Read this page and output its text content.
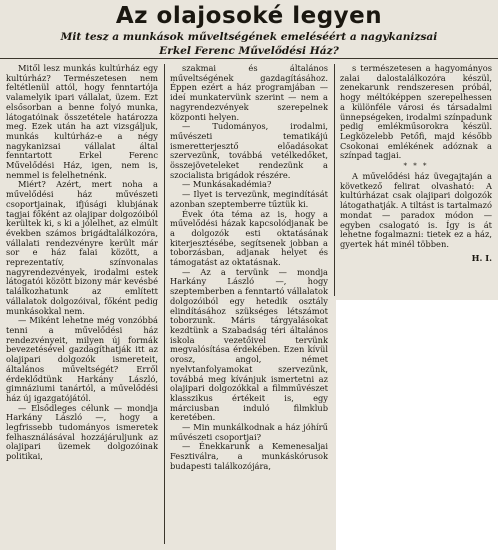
Az olajosoké legyen
Mit tesz a munkások műveltségének emeléséért a nagykanizsai
Erkel Ferenc Művelődési Ház?

Mitől lesz munkás kultúrház egy kultúrház? Természetesen nem feltétlenül attól, hogy fenntartója valamelyik ipari vállalat, üzem. Ezt elsősorban a benne folyó munka, látogatóinak összetétele határozza meg. Ezek után ha azt vizsgáljuk, munkás kultúrház-e a négy nagykanizsai vállalat által fenntartott Erkel Ferenc Művelődési Ház, igen, nem is, nemmel is felelhetnénk.

Miért? Azért, mert noha a művelődési ház művészeti csoportjainak, ifjúsági klubjának tagjai főként az olajipar dolgozóiból kerültek ki, s ki a jólelhet, az elmúlt években számos brigádtalálkozóra, vállalati rendezvényre került már sor e ház falai között, a reprezentatív, színvonalas nagyrendezvények, irodalmi estek látogatói között bizony már kevésbé találkozhatunk az említett vállalatok dolgozóival, főként pedig munkásokkal nem.

— Miként lehetne még vonzóbbá tenni a művelődési ház rendezvényeit, milyen új formák bevezetésével gazdagíthatják itt az olajipari dolgozók ismereteit, általános műveltségét? Erről érdeklődtünk Harkány László, gimnáziumi tanártól, a művelődési ház új igazgatójától.

— Elsődleges célunk — mondja Harkány László —, hogy a legfrissebb tudományos ismeretek felhasználásával hozzájáruljunk az olajipari üzemek dolgozóinak politikai,

szakmai és általános műveltségének gazdagításához. Éppen ezért a ház programjában — ideí munkatervünk szerint — nem a nagyrendezvények szerepelnek központi helyen.

— Tudományos, irodalmi, művészeti tematikájú ismeretterjesztő előadásokat szervezünk, továbbá vetélkedőket, összejöveteleket rendezünk a szocialista brigádok részére.

— Munkásakadémia?

— Ilyet is tervezünk, megindítását azonban szeptemberre tűztük ki.

Évek óta téma az is, hogy a művelődési házak kapcsolódjanak be a dolgozók esti oktatásának kiterjesztésébe, segítsenek jobban a toborzásban, adjanak helyet és támogatást az oktatásnak.

— Az a tervünk — mondja Harkány László —, hogy szeptemberben a fenntartó vállalatok dolgozóiból egy hetedik osztály elindításához szükséges létszámot toborzunk. Máris tárgyalásokat kezdtünk a Szabadság téri általános iskola vezetőivel tervünk megvalósítása érdekében. Ezen kívül orosz, angol, német nyelvtanfolyamokat szervezünk, továbbá meg kívánjuk ismertetni az olajipari dolgozókkal a filmművészet klasszikus értékeit is, egy márciusban induló filmklub keretében.

— Min munkálkodnak a ház jóhírű művészeti csoportjai?

— Énekkarunk a Kemenesaljai Fesztiválra, a munkáskórusok budapesti találkozójára,

s természetesen a hagyományos zalai dalostalálkozóra készül, zenekarunk rendszeresen próbál, hogy méltóképpen szerepelhessen a különféle városi és társadalmi ünnepségeken, irodalmi színpadunk pedig emlékműsorokra készül. Legközelebb Petőfi, majd később Csokonai emlékének adóznak a színpad tagjai.

* * *

A művelődési ház üvegajtaján a következő felirat olvasható: A kultúrházat csak olajipari dolgozók látogathatják. A tiltást is tartalmazó mondat — paradox módon — egyben csalogató is. Így is át lehetne fogalmazni: tietek ez a ház, gyertek hát minél többen.

H. I.
